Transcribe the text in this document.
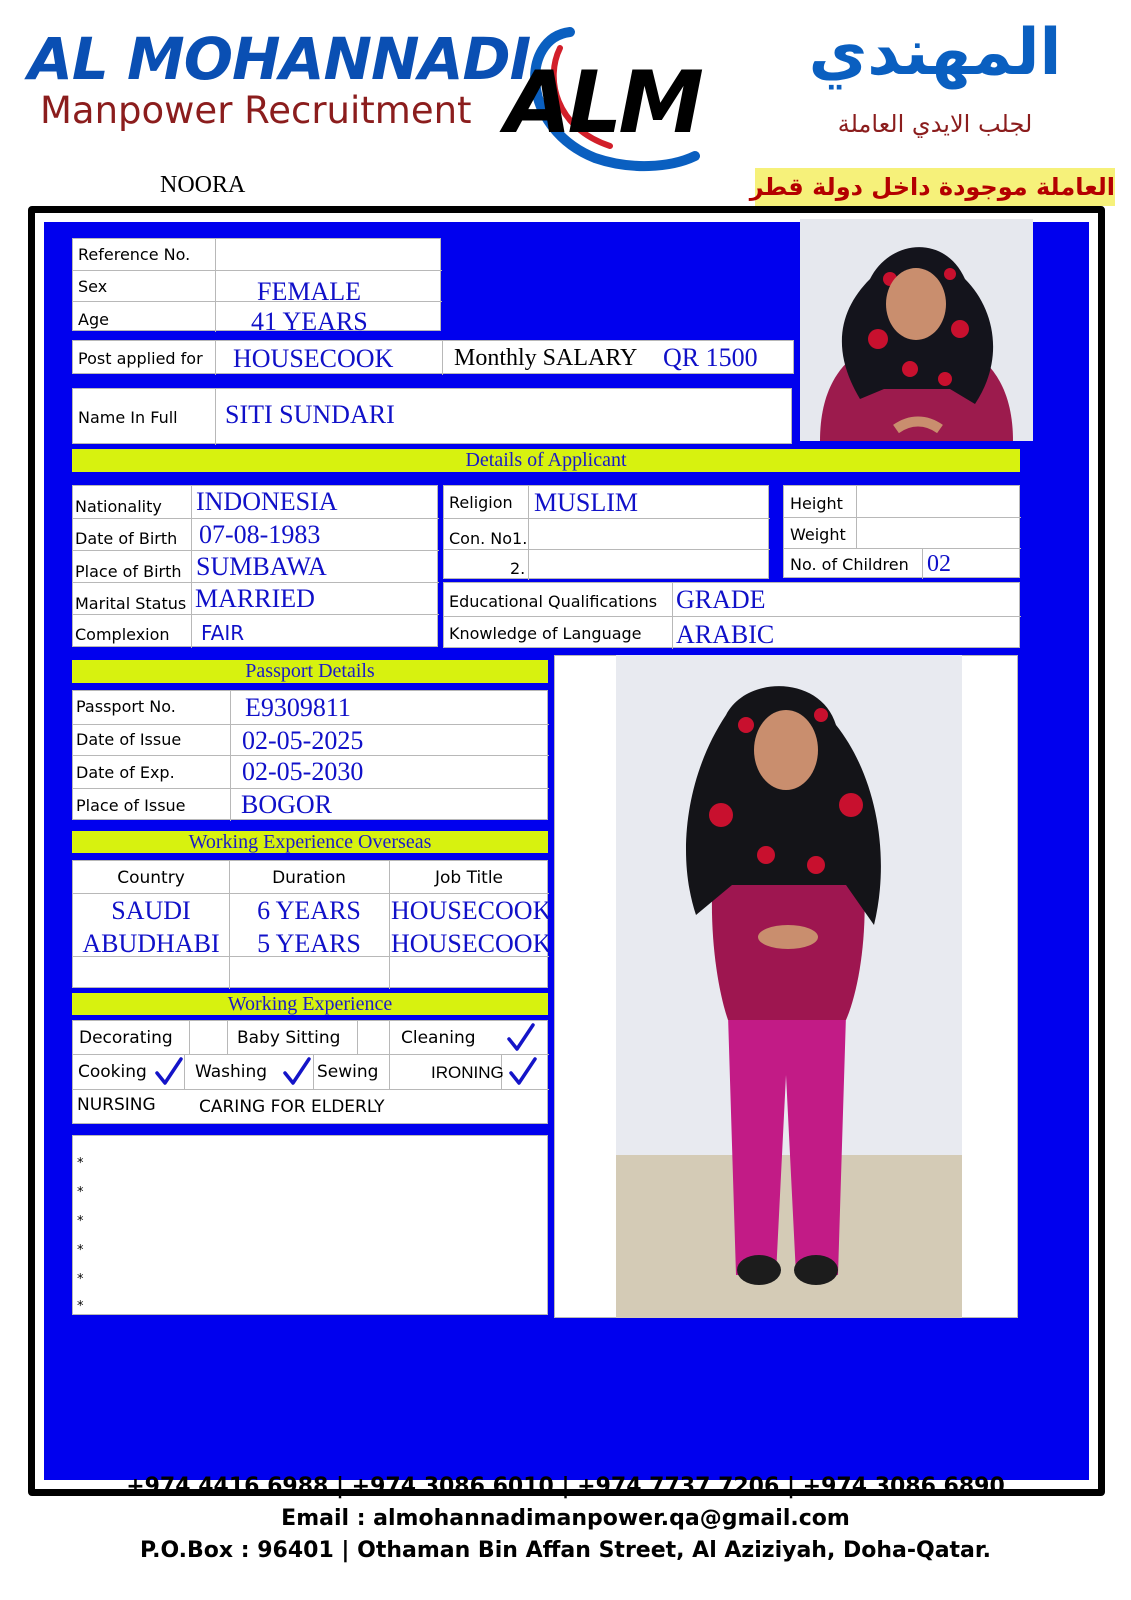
AL MOHANNADI
Manpower Recruitment ALM	المهندي
لجلب الايدي العاملة
NOORA	العاملة موجودة داخل دولة قطر
Reference No.
Sex	FEMALE
Age	41 YEARS
Post applied for HOUSECOOK	Monthly SALARY QR 1500
Name In Full SITI SUNDARI
Details of Applicant
Nationality INDONESIA
Date of Birth 07-08-1983
Place of Birth SUMBAWA
Marital Status MARRIED
Complexion FAIR
Religion MUSLIM
Con. No1.
2.
Height
Weight
No. of Children 02
Educational Qualifications GRADE
Knowledge of Language ARABIC
Passport Details
Passport No.	E9309811
Date of Issue 02-05-2025
Date of Exp.	02-05-2030
Place of Issue BOGOR
Working Experience Overseas
Country	Duration	Job Title
SAUDI	6 YEARS	HOUSECOOK
ABUDHABI	5 YEARS	HOUSECOOK
Working Experience
Decorating	Baby Sitting	Cleaning
Cooking	Washing	Sewing	IRONING
NURSING	CARING FOR ELDERLY
*
*
*
*
*
*
+974 4416 6988 | +974 3086 6010 | +974 7737 7206 | +974 3086 6890
Email : almohannadimanpower.qa@gmail.com
P.O.Box : 96401 | Othaman Bin Affan Street, Al Aziziyah, Doha-Qatar.
